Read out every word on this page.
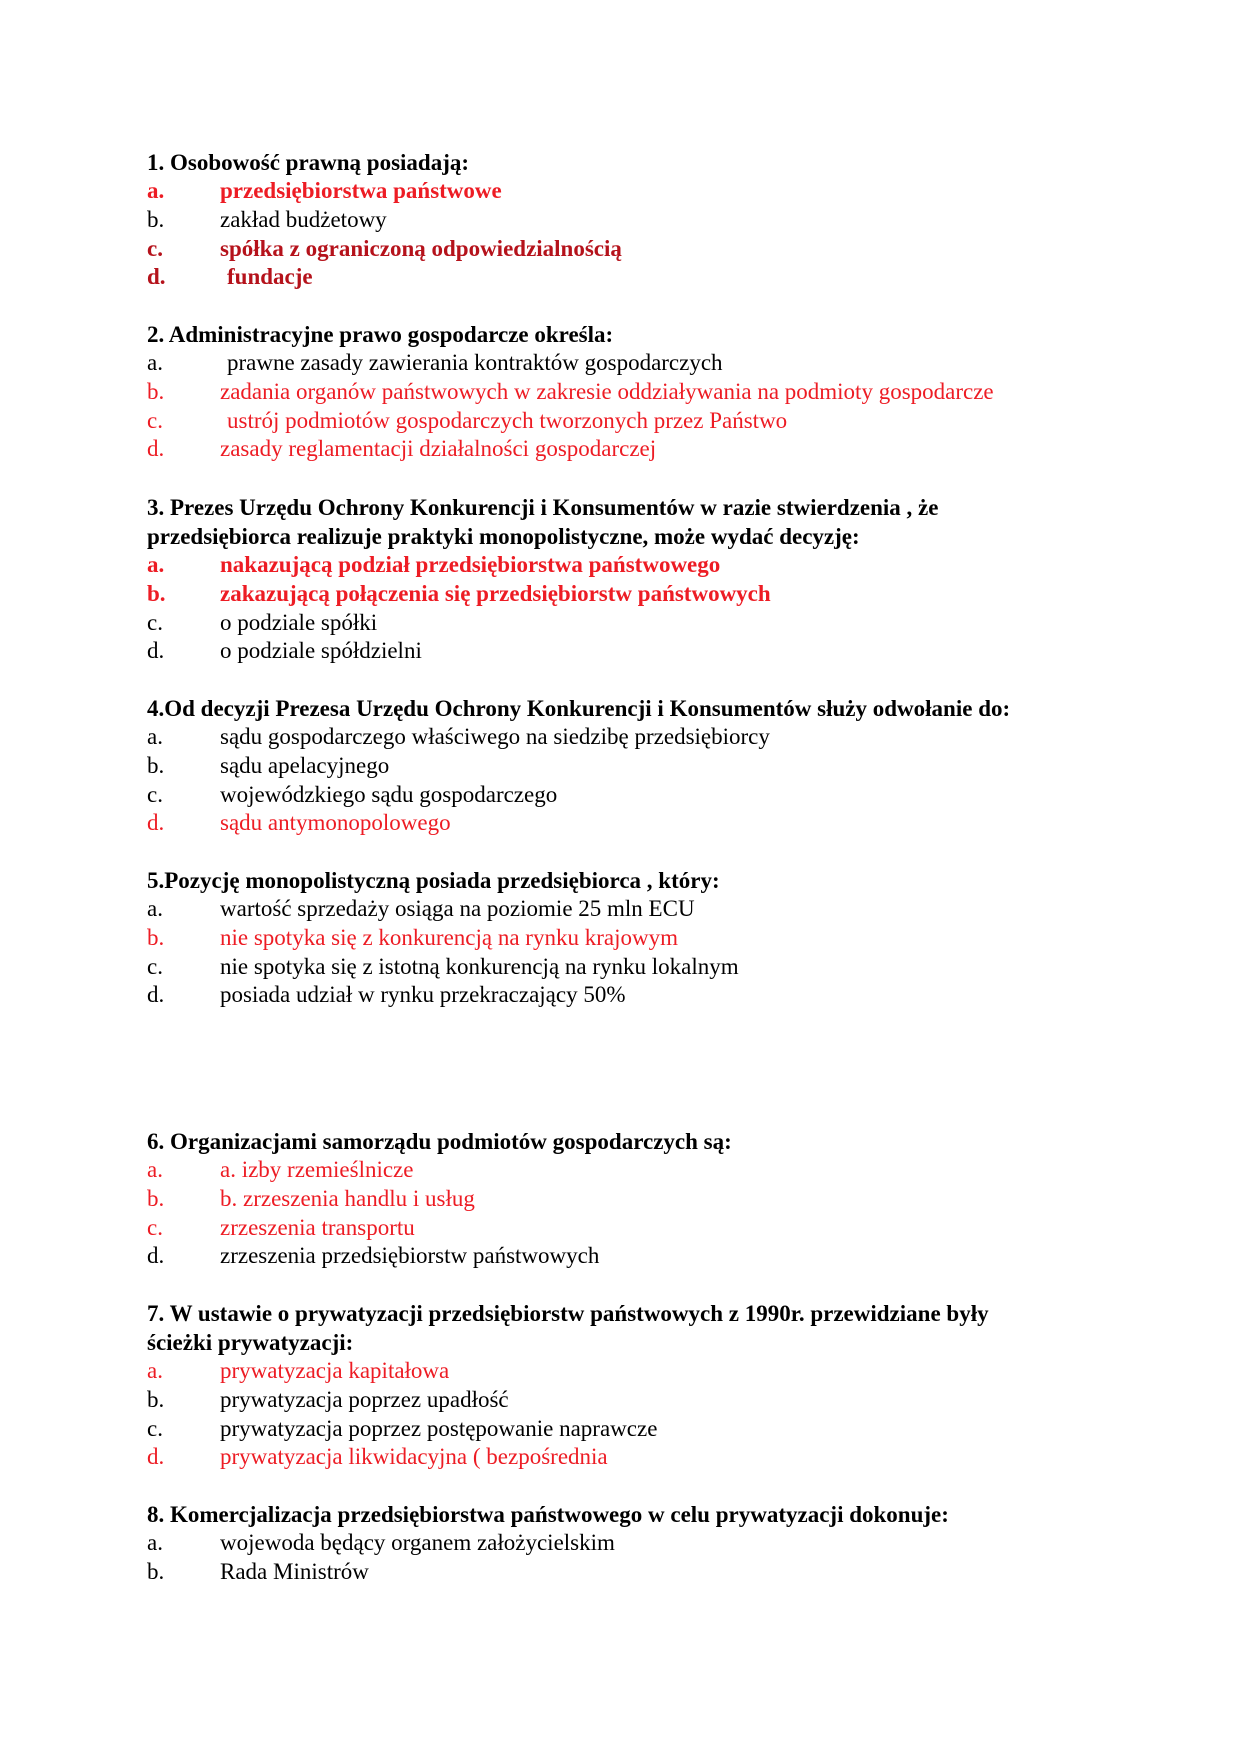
1. Osobowość prawną posiadają:

a. przedsiębiorstwa państwowe
b. zakład budżetowy
c. spółka z ograniczoną odpowiedzialnością
d.	fundacje

2. Administracyjne prawo gospodarcze określa:

a.	prawne zasady zawierania kontraktów gospodarczych
b. zadania organów państwowych w zakresie oddziaływania na podmioty gospodarcze
c.	ustrój podmiotów gospodarczych tworzonych przez Państwo
d. zasady reglamentacji działalności gospodarczej

3. Prezes Urzędu Ochrony Konkurencji i Konsumentów w razie stwierdzenia , że
przedsiębiorca realizuje praktyki monopolistyczne, może wydać decyzję:

a. nakazującą podział przedsiębiorstwa państwowego
b. zakazującą połączenia się przedsiębiorstw państwowych
c. o podziale spółki
d. o podziale spółdzielni

4.Od decyzji Prezesa Urzędu Ochrony Konkurencji i Konsumentów służy odwołanie do:

a. sądu gospodarczego właściwego na siedzibę przedsiębiorcy
b. sądu apelacyjnego
c. wojewódzkiego sądu gospodarczego
d. sądu antymonopolowego

5.Pozycję monopolistyczną posiada przedsiębiorca , który:

a. wartość sprzedaży osiąga na poziomie 25 mln ECU
b. nie spotyka się z konkurencją na rynku krajowym
c. nie spotyka się z istotną konkurencją na rynku lokalnym
d. posiada udział w rynku przekraczający 50%

6. Organizacjami samorządu podmiotów gospodarczych są:

a. a. izby rzemieślnicze
b. b. zrzeszenia handlu i usług
c. zrzeszenia transportu
d. zrzeszenia przedsiębiorstw państwowych

7. W ustawie o prywatyzacji przedsiębiorstw państwowych z 1990r. przewidziane były
ścieżki prywatyzacji:

a. prywatyzacja kapitałowa
b. prywatyzacja poprzez upadłość
c. prywatyzacja poprzez postępowanie naprawcze
d. prywatyzacja likwidacyjna ( bezpośrednia

8. Komercjalizacja przedsiębiorstwa państwowego w celu prywatyzacji dokonuje:

a. wojewoda będący organem założycielskim
b. Rada Ministrów
